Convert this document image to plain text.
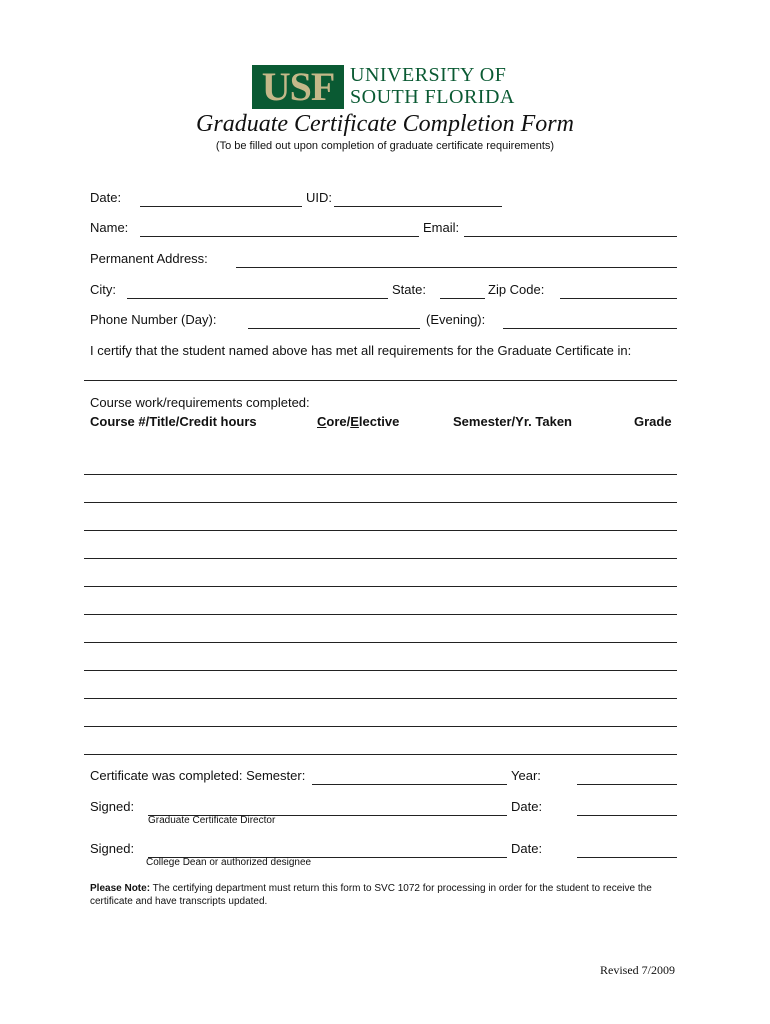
USF UNIVERSITY OF
SOUTH FLORIDA
Graduate Certificate Completion Form
(To be filled out upon completion of graduate certificate requirements)
Date:	UID:
Name:	Email:
Permanent Address:
City:	State:	Zip Code:
Phone Number (Day):	(Evening):
I certify that the student named above has met all requirements for the Graduate Certificate in:
Course work/requirements completed:
Course #/Title/Credit hours	Core/Elective	Semester/Yr. Taken	Grade
Certificate was completed: Semester:	Year:
Signed:	Date:
Graduate Certificate Director
Signed:	Date:
College Dean or authorized designee
Please Note: The certifying department must return this form to SVC 1072 for processing in order for the student to receive the certificate and have transcripts updated.
Revised 7/2009
